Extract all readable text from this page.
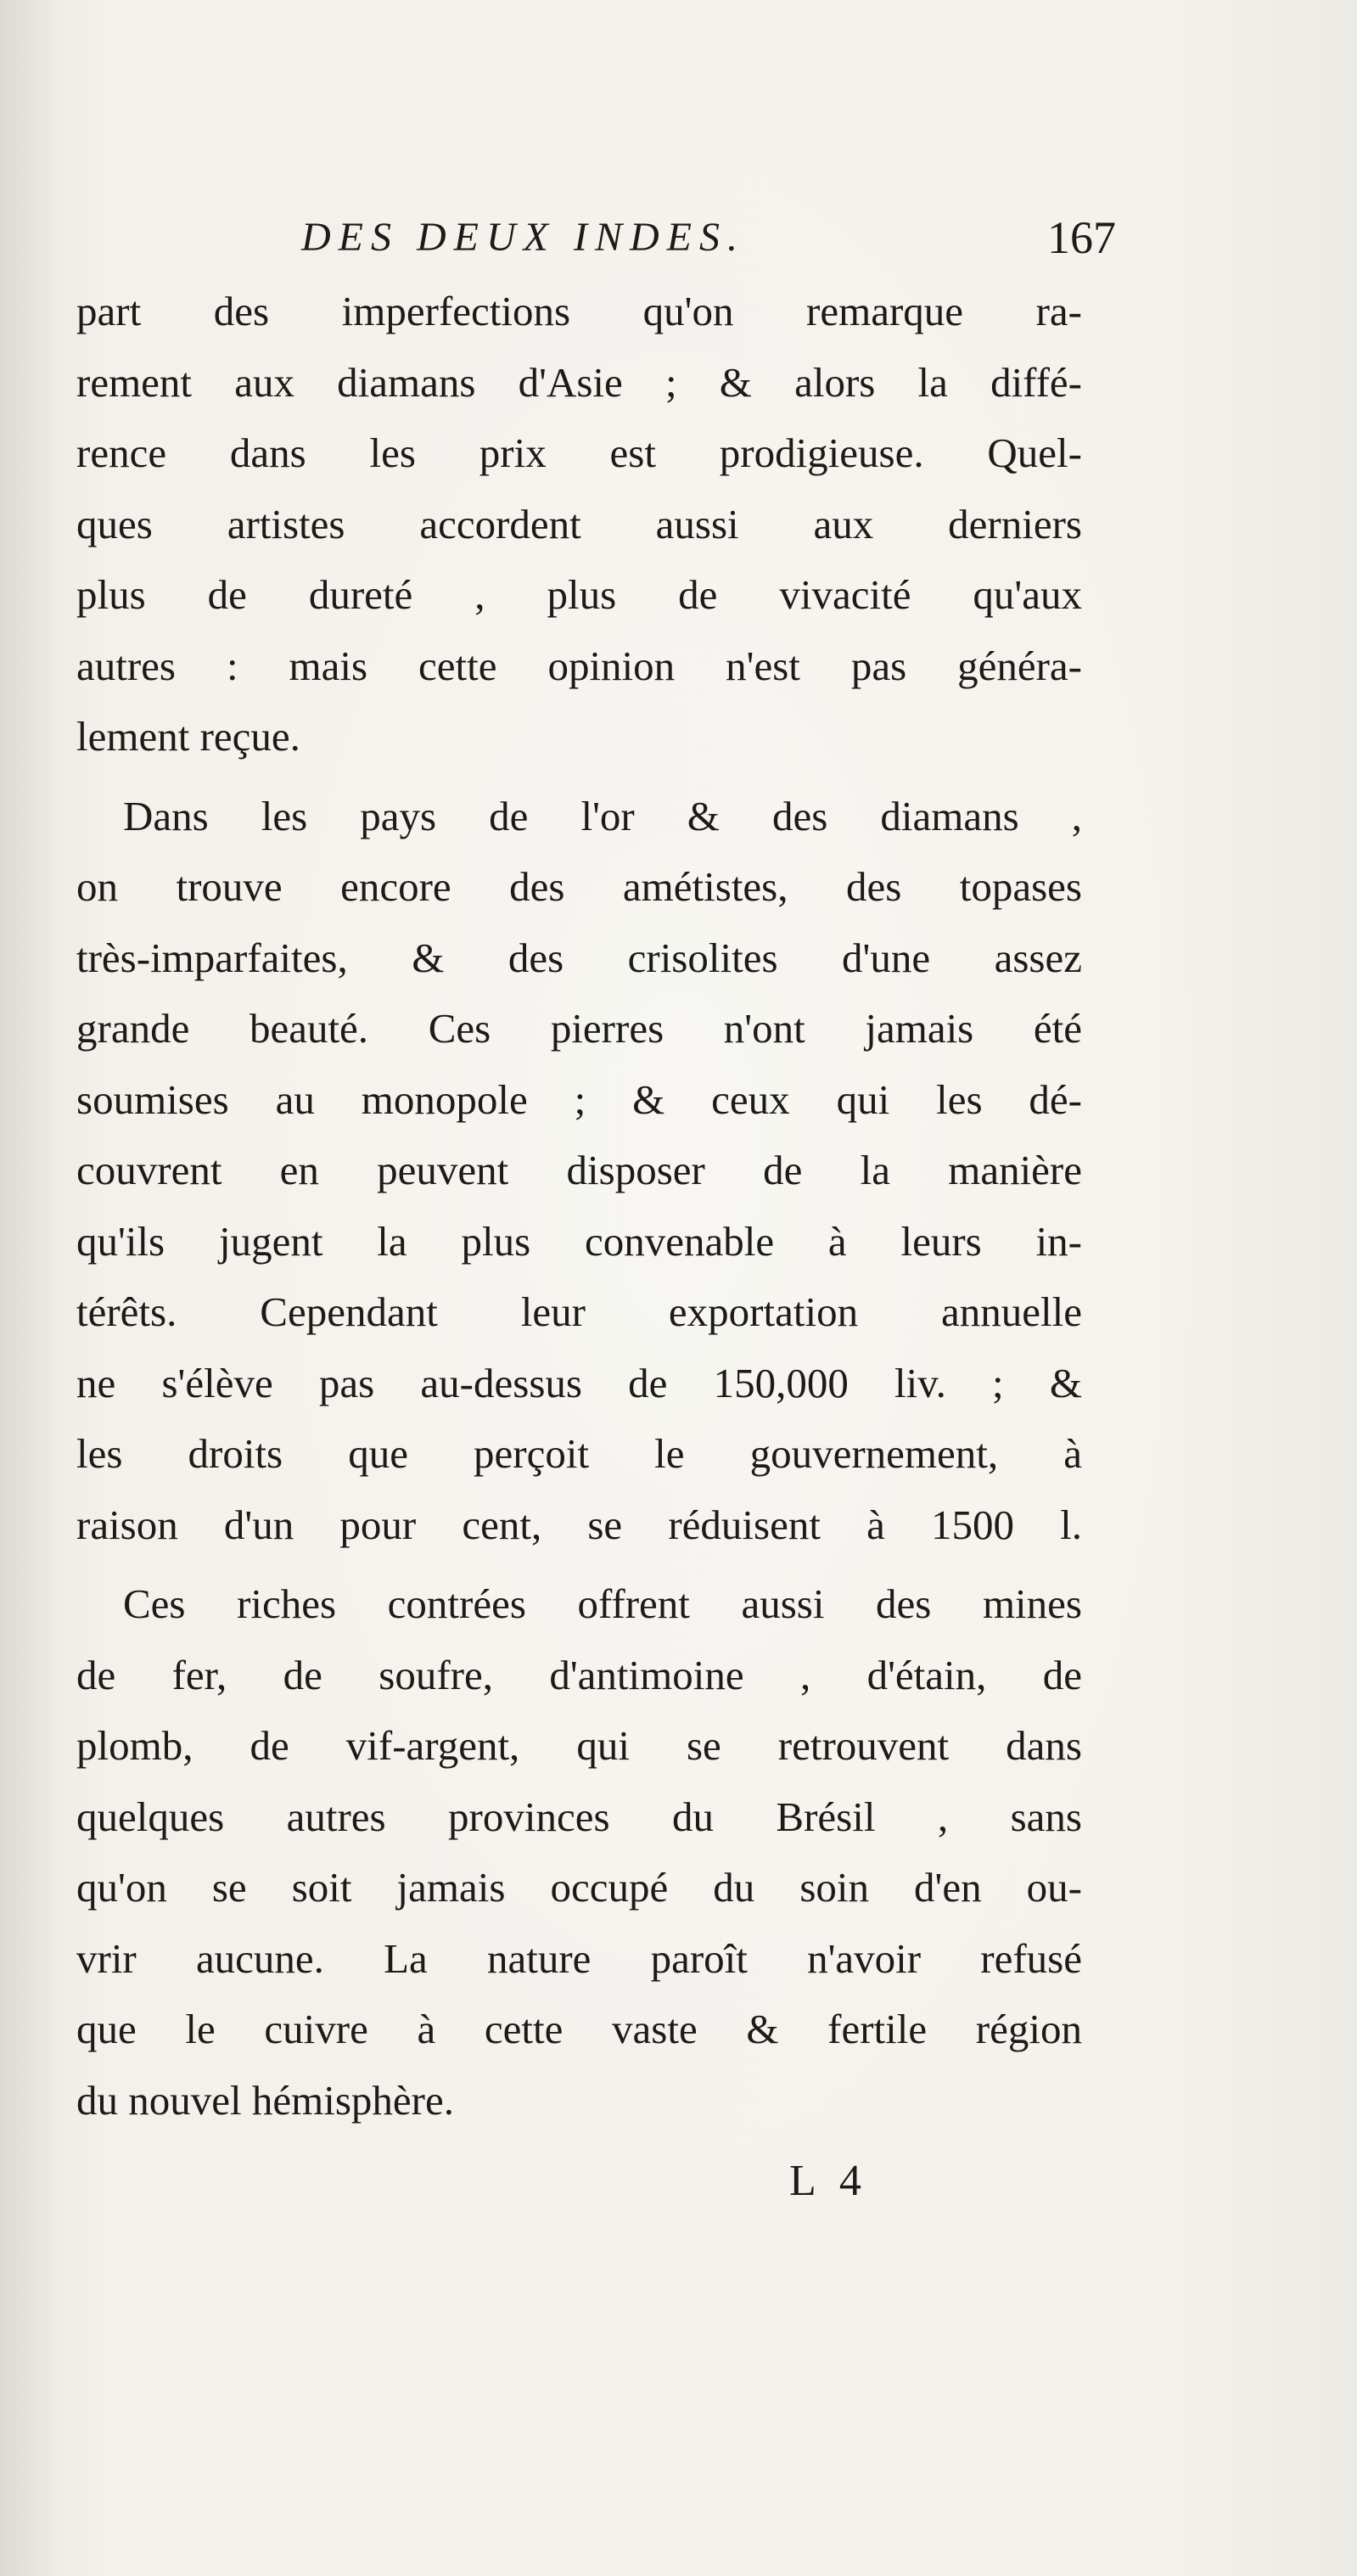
DES DEUX INDES.	167
part des imperfections qu'on remarque ra-
rement aux diamans d'Asie ; & alors la diffé-
rence dans les prix est prodigieuse. Quel-
ques artistes accordent aussi aux derniers
plus de dureté , plus de vivacité qu'aux
autres : mais cette opinion n'est pas généra-
lement reçue.
Dans les pays de l'or & des diamans ,
on trouve encore des amétistes, des topases
très-imparfaites, & des crisolites d'une assez
grande beauté. Ces pierres n'ont jamais été
soumises au monopole ; & ceux qui les dé-
couvrent en peuvent disposer de la manière
qu'ils jugent la plus convenable à leurs in-
térêts. Cependant leur exportation annuelle
ne s'élève pas au-dessus de 150,000 liv. ; &
les droits que perçoit le gouvernement, à
raison d'un pour cent, se réduisent à 1500 l.
Ces riches contrées offrent aussi des mines
de fer, de soufre, d'antimoine , d'étain, de
plomb, de vif-argent, qui se retrouvent dans
quelques autres provinces du Brésil , sans
qu'on se soit jamais occupé du soin d'en ou-
vrir aucune. La nature paroît n'avoir refusé
que le cuivre à cette vaste & fertile région
du nouvel hémisphère.
L 4
